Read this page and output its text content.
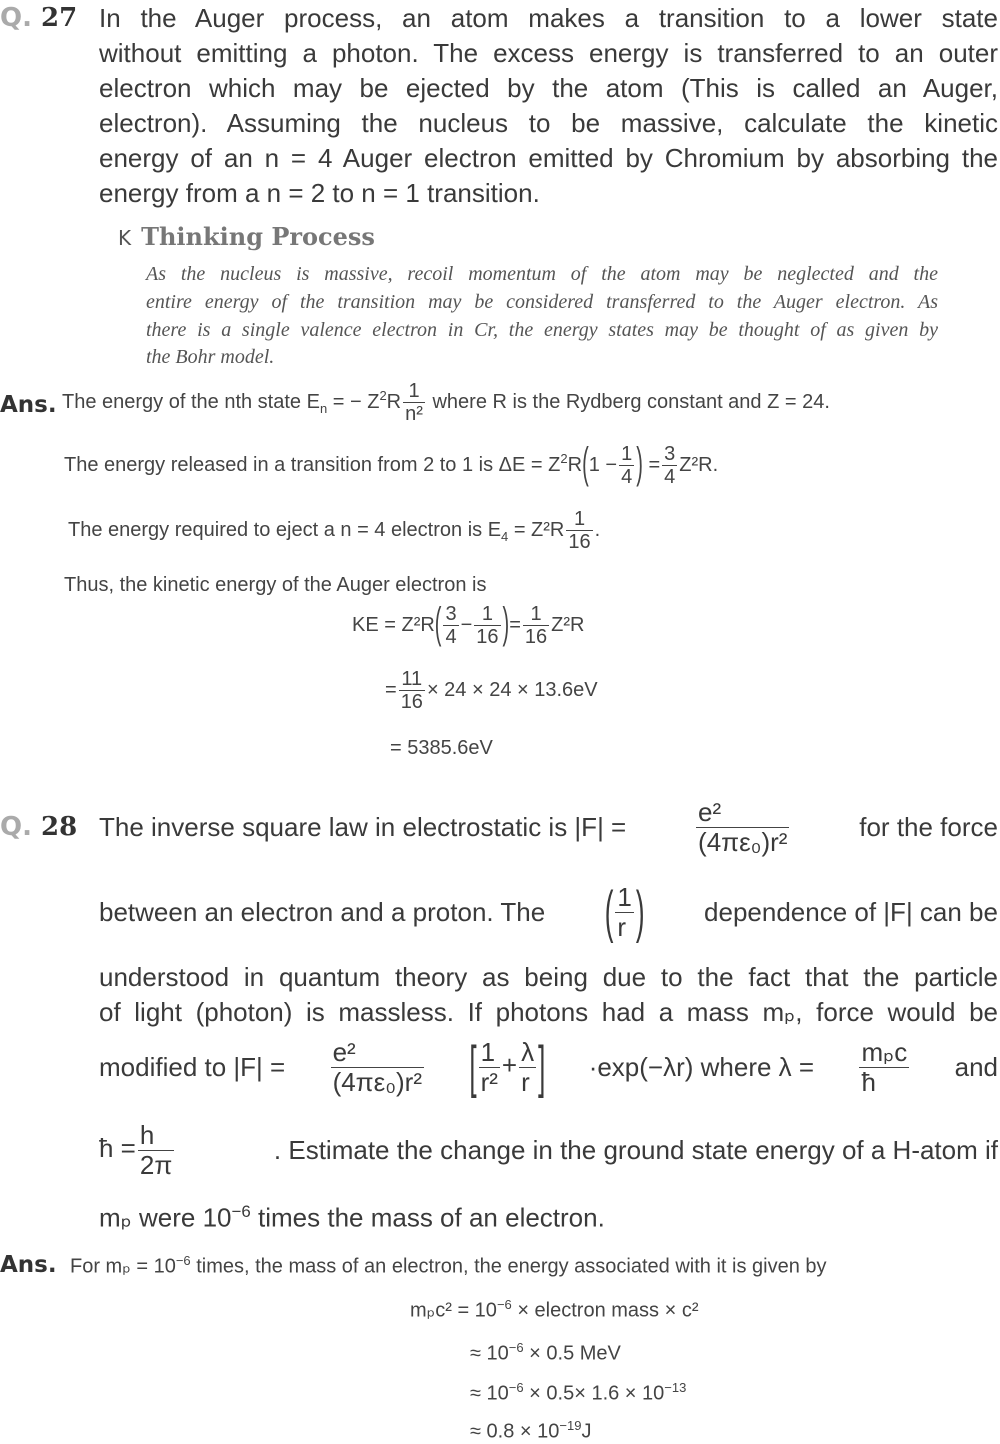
Q. 27 In the Auger process, an atom makes a transition to a lower state
without emitting a photon. The excess energy is transferred to an outer
electron which may be ejected by the atom (This is called an Auger,
electron). Assuming the nucleus to be massive, calculate the kinetic
energy of an n = 4 Auger electron emitted by Chromium by absorbing the
energy from a n = 2 to n = 1 transition.
K Thinking Process
As the nucleus is massive, recoil momentum of the atom may be neglected and the
entire energy of the transition may be considered transferred to the Auger electron. As
there is a single valence electron in Cr, the energy states may be thought of as given by
the Bohr model.
Ans. The energy of the nth state $E_n$ = − $Z^2R \frac{1}{\text{n²}}$ where R is the Rydberg constant and Z = 24.
The energy released in a transition from 2 to 1 is $\Delta E = Z^2R(1 - \frac{1}{4}$ ) = $\frac{3}{4} Z^2R$.
The energy required to eject a n = 4 electron is $E_4 = Z^2R \frac{1}{16}$ .
Thus, the kinetic energy of the Auger electron is
KE = $Z^2R( \frac{3}{4} - \frac{1}{16}$ )= $\frac{1}{16} Z^2R$
= $\frac{11}{16} \times 24 \times 24 \times 13.6eV$
= 5385.6eV
Q. 28 The inverse square law in electrostatic is |F| =	$\frac{\text{e²}}{\text{(4πε₀)r²}}$	for the force
between an electron and a proton. The ( $\frac{1}{r}$ ) dependence of |F| can be
understood in quantum theory as being due to the fact that the particle
of light (photon) is massless. If photons had a mass mₚ, force would be
modified to $|F| = \frac{\text{e²}}{\text{(4πε₀)r²}}$ [ $\frac{1}{\text{r²}} + \frac{\lambda}{r}$ ] ·exp(−λr) where $\lambda = \frac{\text{mₚc}}{ħ}$ and
ħ = $\frac{h}{2\pi}$	. Estimate the change in the ground state energy of a H-atom if
mₚ were $10^{-6}$ times the mass of an electron.
Ans. For $m_p = 10^{-6}$ times, the mass of an electron, the energy associated with it is given by
$m_pc^2 = 10^{-6}$ × electron mass × c²
≈ $10^{-6} \times 0.5$ MeV
≈ $10^{-6} \times 0.5\times 1.6 \times 10^{-13}$
≈ $0.8 \times 10^{-19}J$
